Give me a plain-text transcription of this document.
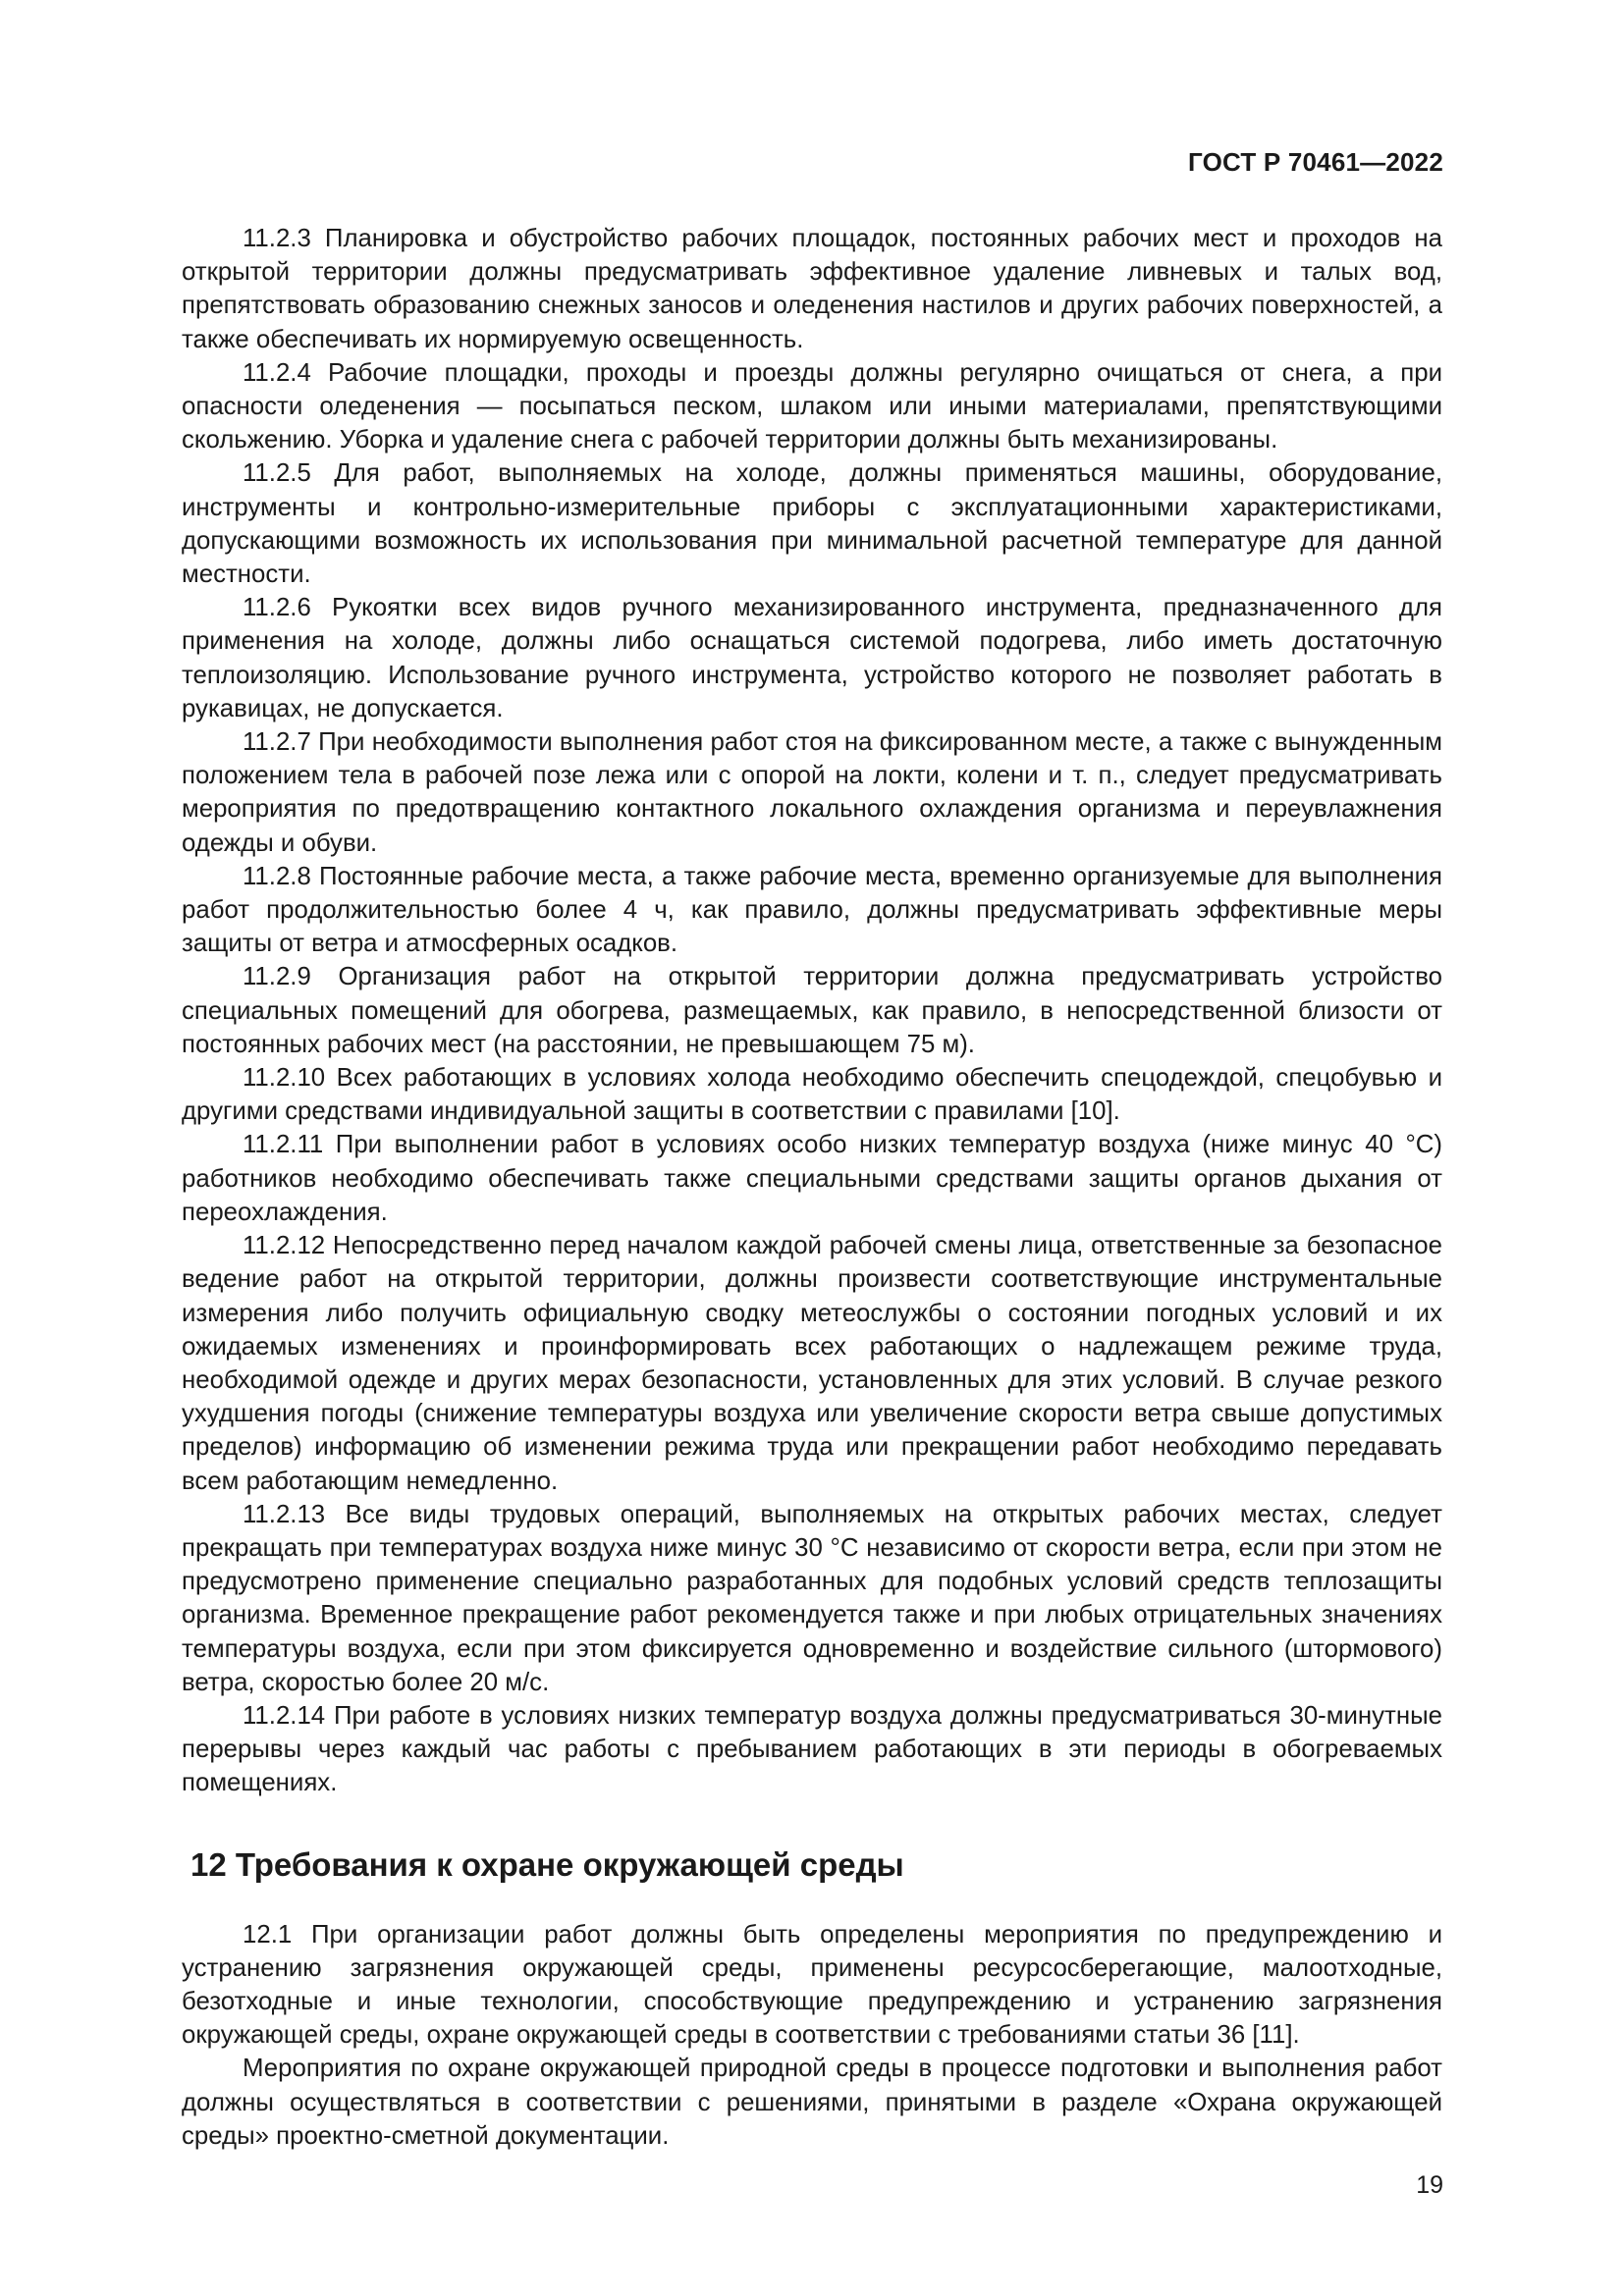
ГОСТ Р 70461—2022

11.2.3 Планировка и обустройство рабочих площадок, постоянных рабочих мест и проходов на открытой территории должны предусматривать эффективное удаление ливневых и талых вод, препятствовать образованию снежных заносов и оледенения настилов и других рабочих поверхностей, а также обеспечивать их нормируемую освещенность.

11.2.4 Рабочие площадки, проходы и проезды должны регулярно очищаться от снега, а при опасности оледенения — посыпаться песком, шлаком или иными материалами, препятствующими скольжению. Уборка и удаление снега с рабочей территории должны быть механизированы.

11.2.5 Для работ, выполняемых на холоде, должны применяться машины, оборудование, инструменты и контрольно-измерительные приборы с эксплуатационными характеристиками, допускающими возможность их использования при минимальной расчетной температуре для данной местности.

11.2.6 Рукоятки всех видов ручного механизированного инструмента, предназначенного для применения на холоде, должны либо оснащаться системой подогрева, либо иметь достаточную теплоизоляцию. Использование ручного инструмента, устройство которого не позволяет работать в рукавицах, не допускается.

11.2.7 При необходимости выполнения работ стоя на фиксированном месте, а также с вынужденным положением тела в рабочей позе лежа или с опорой на локти, колени и т. п., следует предусматривать мероприятия по предотвращению контактного локального охлаждения организма и переувлажнения одежды и обуви.

11.2.8 Постоянные рабочие места, а также рабочие места, временно организуемые для выполнения работ продолжительностью более 4 ч, как правило, должны предусматривать эффективные меры защиты от ветра и атмосферных осадков.

11.2.9 Организация работ на открытой территории должна предусматривать устройство специальных помещений для обогрева, размещаемых, как правило, в непосредственной близости от постоянных рабочих мест (на расстоянии, не превышающем 75 м).

11.2.10 Всех работающих в условиях холода необходимо обеспечить спецодеждой, спецобувью и другими средствами индивидуальной защиты в соответствии с правилами [10].

11.2.11 При выполнении работ в условиях особо низких температур воздуха (ниже минус 40 °С) работников необходимо обеспечивать также специальными средствами защиты органов дыхания от переохлаждения.

11.2.12 Непосредственно перед началом каждой рабочей смены лица, ответственные за безопасное ведение работ на открытой территории, должны произвести соответствующие инструментальные измерения либо получить официальную сводку метеослужбы о состоянии погодных условий и их ожидаемых изменениях и проинформировать всех работающих о надлежащем режиме труда, необходимой одежде и других мерах безопасности, установленных для этих условий. В случае резкого ухудшения погоды (снижение температуры воздуха или увеличение скорости ветра свыше допустимых пределов) информацию об изменении режима труда или прекращении работ необходимо передавать всем работающим немедленно.

11.2.13 Все виды трудовых операций, выполняемых на открытых рабочих местах, следует прекращать при температурах воздуха ниже минус 30 °С независимо от скорости ветра, если при этом не предусмотрено применение специально разработанных для подобных условий средств теплозащиты организма. Временное прекращение работ рекомендуется также и при любых отрицательных значениях температуры воздуха, если при этом фиксируется одновременно и воздействие сильного (штормового) ветра, скоростью более 20 м/с.

11.2.14 При работе в условиях низких температур воздуха должны предусматриваться 30-минутные перерывы через каждый час работы с пребыванием работающих в эти периоды в обогреваемых помещениях.

12 Требования к охране окружающей среды

12.1 При организации работ должны быть определены мероприятия по предупреждению и устранению загрязнения окружающей среды, применены ресурсосберегающие, малоотходные, безотходные и иные технологии, способствующие предупреждению и устранению загрязнения окружающей среды, охране окружающей среды в соответствии с требованиями статьи 36 [11].

Мероприятия по охране окружающей природной среды в процессе подготовки и выполнения работ должны осуществляться в соответствии с решениями, принятыми в разделе «Охрана окружающей среды» проектно-сметной документации.

19
